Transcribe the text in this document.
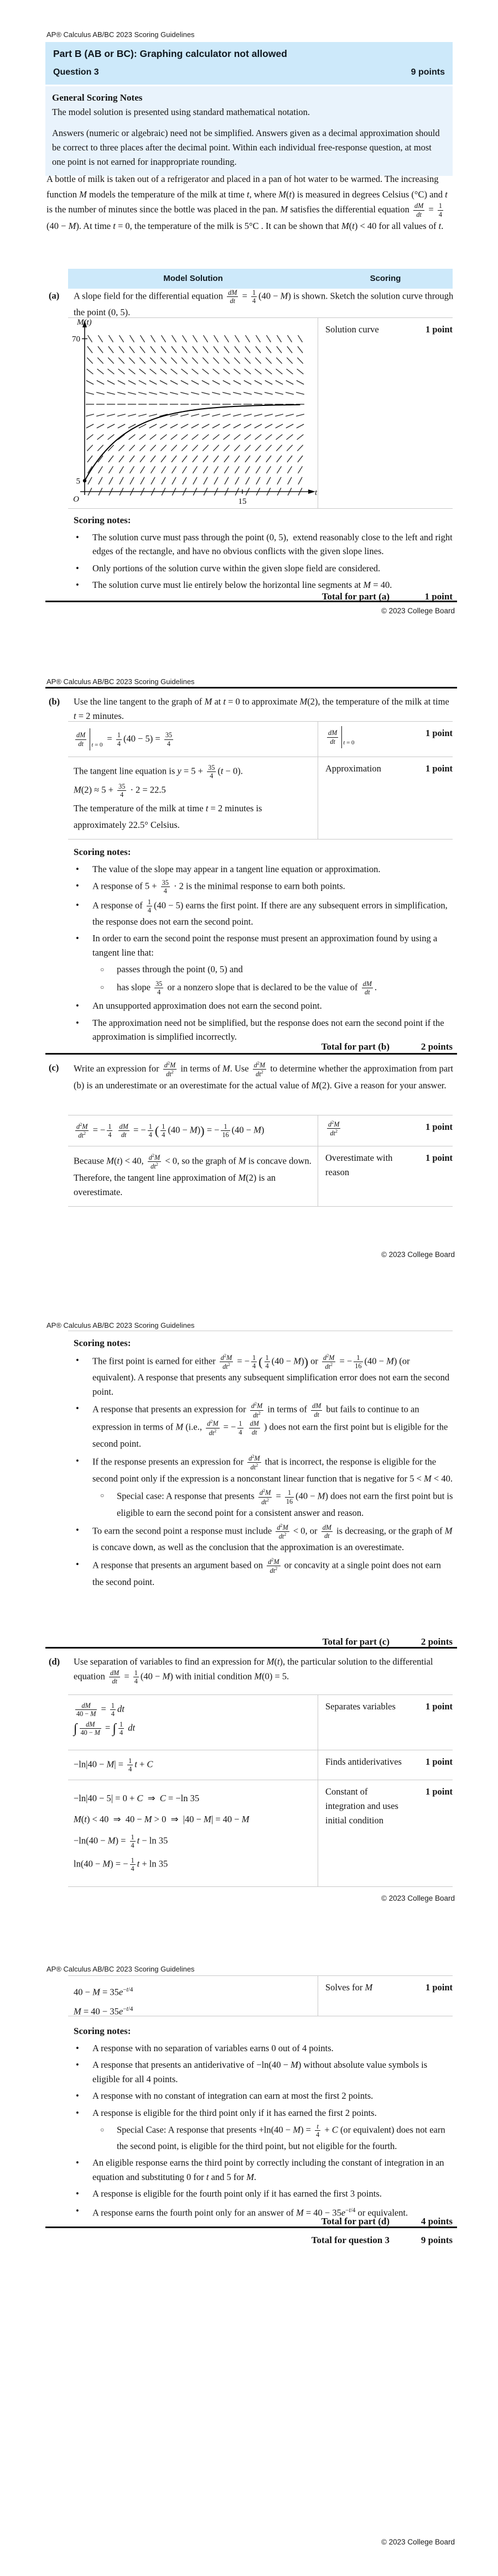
AP® Calculus AB/BC 2023 Scoring Guidelines
Part B (AB or BC): Graphing calculator not allowed
Question 3	9 points
General Scoring Notes
The model solution is presented using standard mathematical notation.
Answers (numeric or algebraic) need not be simplified. Answers given as a decimal approximation should be correct to three places after the decimal point. Within each individual free-response question, at most one point is not earned for inappropriate rounding.
A bottle of milk is taken out of a refrigerator and placed in a pan of hot water to be warmed. The increasing function M models the temperature of the milk at time t, where M(t) is measured in degrees Celsius (°C) and t is the number of minutes since the bottle was placed in the pan. M satisfies the differential equation $\frac{dM}{dt} = \frac{1}{4}$
(40 − M). At time t = 0, the temperature of the milk is 5°C . It can be shown that M(t) < 40 for all values of t.
Model Solution	Scoring
(a) A slope field for the differential equation $\frac{dM}{dt} = \frac{1}{4} (40 - M)$ is shown. Sketch the solution curve through the point (0, 5).
70
5
15
M(t)
t
O
Solution curve	1 point
Scoring notes:
•	The solution curve must pass through the point (0, 5),  extend reasonably close to the left and right edges of the rectangle, and have no obvious conflicts with the given slope lines.
•	Only portions of the solution curve within the given slope field are considered.
•	The solution curve must lie entirely below the horizontal line segments at M = 40.
Total for part (a)	1 point
© 2023 College Board
AP® Calculus AB/BC 2023 Scoring Guidelines
(b) Use the line tangent to the graph of M at t = 0 to approximate M(2), the temperature of the milk at time t = 2 minutes.
$\frac{dM}{dt}$ t = 0
= $\frac{1}{4} (40 - 5) = \frac{35}{4}$	$\frac{dM}{dt}$ t = 0
1 point
The tangent line equation is $y = 5 + \frac{35}{4} (t - 0)$.
$M(2) \approx 5 + \frac{35}{4} \cdot 2 = 22.5$
The temperature of the milk at time t = 2 minutes is
approximately 22.5° Celsius.
Approximation	1 point
Scoring notes:
•	The value of the slope may appear in a tangent line equation or approximation.
•	A response of $5 + \frac{35}{4} \cdot 2$ is the minimal response to earn both points.
•	A response of $\frac{1}{4} (40 - 5)$ earns the first point. If there are any subsequent errors in simplification, the response does not earn the second point.
•	In order to earn the second point the response must present an approximation found by using a tangent line that:
○	passes through the point (0, 5) and
○	has slope $\frac{35}{4}$ or a nonzero slope that is declared to be the value of $\frac{dM}{dt}$ .
•	An unsupported approximation does not earn the second point.
•	The approximation need not be simplified, but the response does not earn the second point if the approximation is simplified incorrectly.
Total for part (b)	2 points
(c) Write an expression for $\frac{d^2M}{dt^2}$ in terms of M. Use $\frac{d^2M}{dt^2}$ to determine whether the approximation from part (b) is an underestimate or an overestimate for the actual value of M(2). Give a reason for your answer.
$\frac{d^2M}{dt^2}$ = − $\frac{1}{4}$
$\frac{dM}{dt}$ = − $\frac{1}{4}$ ( $\frac{1}{4} (40 - M)$) = − $\frac{1}{16} (40 - M)$	$\frac{d^2M}{dt^2}$	1 point
Because M(t) < 40, $\frac{d^2M}{dt^2} < 0$, so the graph of M is concave down. Therefore, the tangent line approximation of M(2) is an overestimate.
Overestimate with reason
1 point
© 2023 College Board
AP® Calculus AB/BC 2023 Scoring Guidelines
Scoring notes:
•	The first point is earned for either $\frac{d^2M}{dt^2}$ = − $\frac{1}{4}$ ( $\frac{1}{4} (40 - M)$) or $\frac{d^2M}{dt^2}$ = − $\frac{1}{16} (40 - M)$ (or equivalent). A response that presents any subsequent simplification error does not earn the second point.
•	A response that presents an expression for $\frac{d^2M}{dt^2}$ in terms of $\frac{dM}{dt}$ but fails to continue to an expression in terms of M (i.e., $\frac{d^2M}{dt^2}$ = − $\frac{1}{4}$
$\frac{dM}{dt}$ ) does not earn the first point but is eligible for the second point.
•	If the response presents an expression for $\frac{d^2M}{dt^2}$ that is incorrect, the response is eligible for the second point only if the expression is a nonconstant linear function that is negative for 5 < M < 40.
○	Special case: A response that presents $\frac{d^2M}{dt^2} = \frac{1}{16} (40 - M)$ does not earn the first point but is eligible to earn the second point for a consistent answer and reason.
•	To earn the second point a response must include $\frac{d^2M}{dt^2} < 0$, or $\frac{dM}{dt}$ is decreasing, or the graph of M is concave down, as well as the conclusion that the approximation is an overestimate.
•	A response that presents an argument based on $\frac{d^2M}{dt^2}$ or concavity at a single point does not earn the second point.
Total for part (c)	2 points
(d) Use separation of variables to find an expression for M(t), the particular solution to the differential equation $\frac{dM}{dt} = \frac{1}{4} (40 - M)$ with initial condition M(0) = 5.
$\frac{dM}{40 - M} = \frac{1}{4}$ dt
∫ $\frac{dM}{40 - M}$ = ∫ $\frac{1}{4}$ dt
Separates variables	1 point
$-\ln|40 - M| = \frac{1}{4}$ t + C	Finds antiderivatives	1 point
−ln|40 − 5| = 0 + C  ⇒  C = −ln 35
M(t) < 40  ⇒  40 − M > 0  ⇒  |40 − M| = 40 − M
$-\ln(40 - M) = \frac{1}{4}$ t − ln 35
ln(40 − M) = − $\frac{1}{4}$ t + ln 35
Constant of integration and uses initial condition
1 point
© 2023 College Board
AP® Calculus AB/BC 2023 Scoring Guidelines
$40 - M = 35e^{-t/4}$
$M = 40 - 35e^{-t/4}$
Solves for M	1 point
Scoring notes:
•	A response with no separation of variables earns 0 out of 4 points.
•	A response that presents an antiderivative of −ln(40 − M) without absolute value symbols is eligible for all 4 points.
•	A response with no constant of integration can earn at most the first 2 points.
•	A response is eligible for the third point only if it has earned the first 2 points.
○	Special Case: A response that presents $+\ln(40 - M) = \frac{t}{4} + C$ (or equivalent) does not earn the second point, is eligible for the third point, but not eligible for the fourth.
•	An eligible response earns the third point by correctly including the constant of integration in an equation and substituting 0 for t and 5 for M.
•	A response is eligible for the fourth point only if it has earned the first 3 points.
•	A response earns the fourth point only for an answer of $M = 40 - 35e^{-t/4}$ or equivalent.
Total for part (d)	4 points
Total for question 3	9 points
© 2023 College Board
